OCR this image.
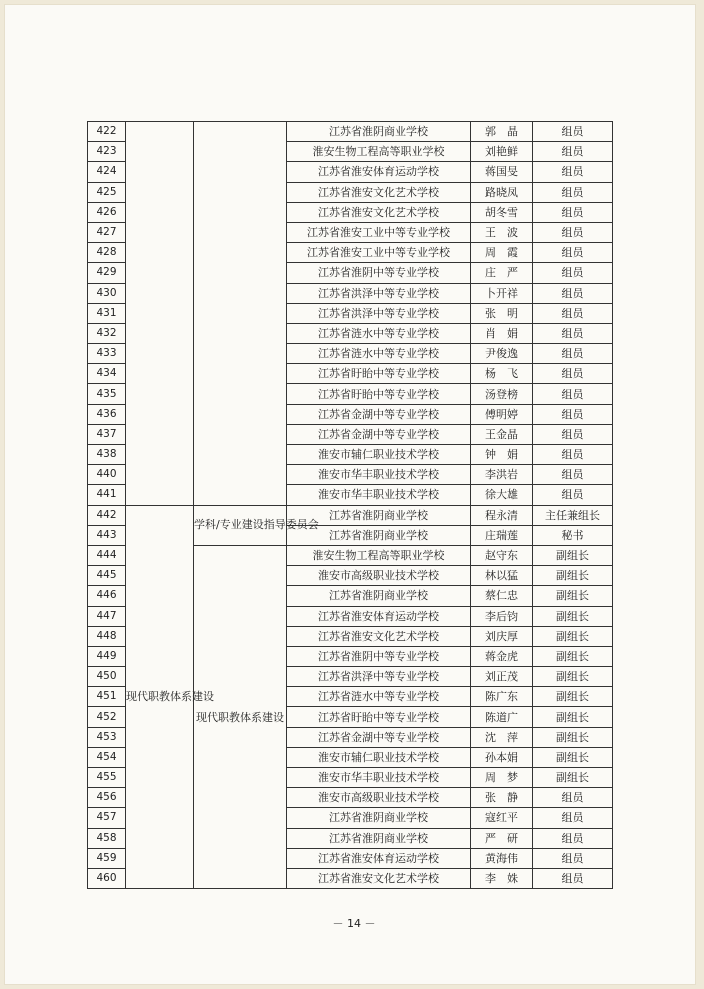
422			江苏省淮阴商业学校	郭　晶	组员
423			淮安生物工程高等职业学校	刘艳鲜	组员
424			江苏省淮安体育运动学校	蒋国旻	组员
425			江苏省淮安文化艺术学校	路晓凤	组员
426			江苏省淮安文化艺术学校	胡冬雪	组员
427			江苏省淮安工业中等专业学校	王　波	组员
428			江苏省淮安工业中等专业学校	周　霞	组员
429			江苏省淮阴中等专业学校	庄　严	组员
430			江苏省洪泽中等专业学校	卜开祥	组员
431			江苏省洪泽中等专业学校	张　明	组员
432			江苏省涟水中等专业学校	肖　娟	组员
433			江苏省涟水中等专业学校	尹俊逸	组员
434			江苏省盱眙中等专业学校	杨　飞	组员
435			江苏省盱眙中等专业学校	汤登榜	组员
436			江苏省金湖中等专业学校	傅明婷	组员
437			江苏省金湖中等专业学校	王金晶	组员
438			淮安市辅仁职业技术学校	钟　娟	组员
440			淮安市华丰职业技术学校	李洪岩	组员
441			淮安市华丰职业技术学校	徐大雄	组员
442	现代职教体系建设	学科/专业建设指导委员会	江苏省淮阴商业学校	程永清	主任兼组长
443			江苏省淮阴商业学校	庄瑞莲	秘书
444		现代职教体系建设	淮安生物工程高等职业学校	赵守东	副组长
445			淮安市高级职业技术学校	林以猛	副组长
446			江苏省淮阴商业学校	蔡仁忠	副组长
447			江苏省淮安体育运动学校	李后钧	副组长
448			江苏省淮安文化艺术学校	刘庆厚	副组长
449			江苏省淮阴中等专业学校	蒋金虎	副组长
450			江苏省洪泽中等专业学校	刘正茂	副组长
451			江苏省涟水中等专业学校	陈广东	副组长
452			江苏省盱眙中等专业学校	陈道广	副组长
453			江苏省金湖中等专业学校	沈　萍	副组长
454			淮安市辅仁职业技术学校	孙本娟	副组长
455			淮安市华丰职业技术学校	周　梦	副组长
456			淮安市高级职业技术学校	张　静	组员
457			江苏省淮阴商业学校	寇红平	组员
458			江苏省淮阴商业学校	严　研	组员
459			江苏省淮安体育运动学校	黄海伟	组员
460			江苏省淮安文化艺术学校	李　姝	组员
－ 14 －
